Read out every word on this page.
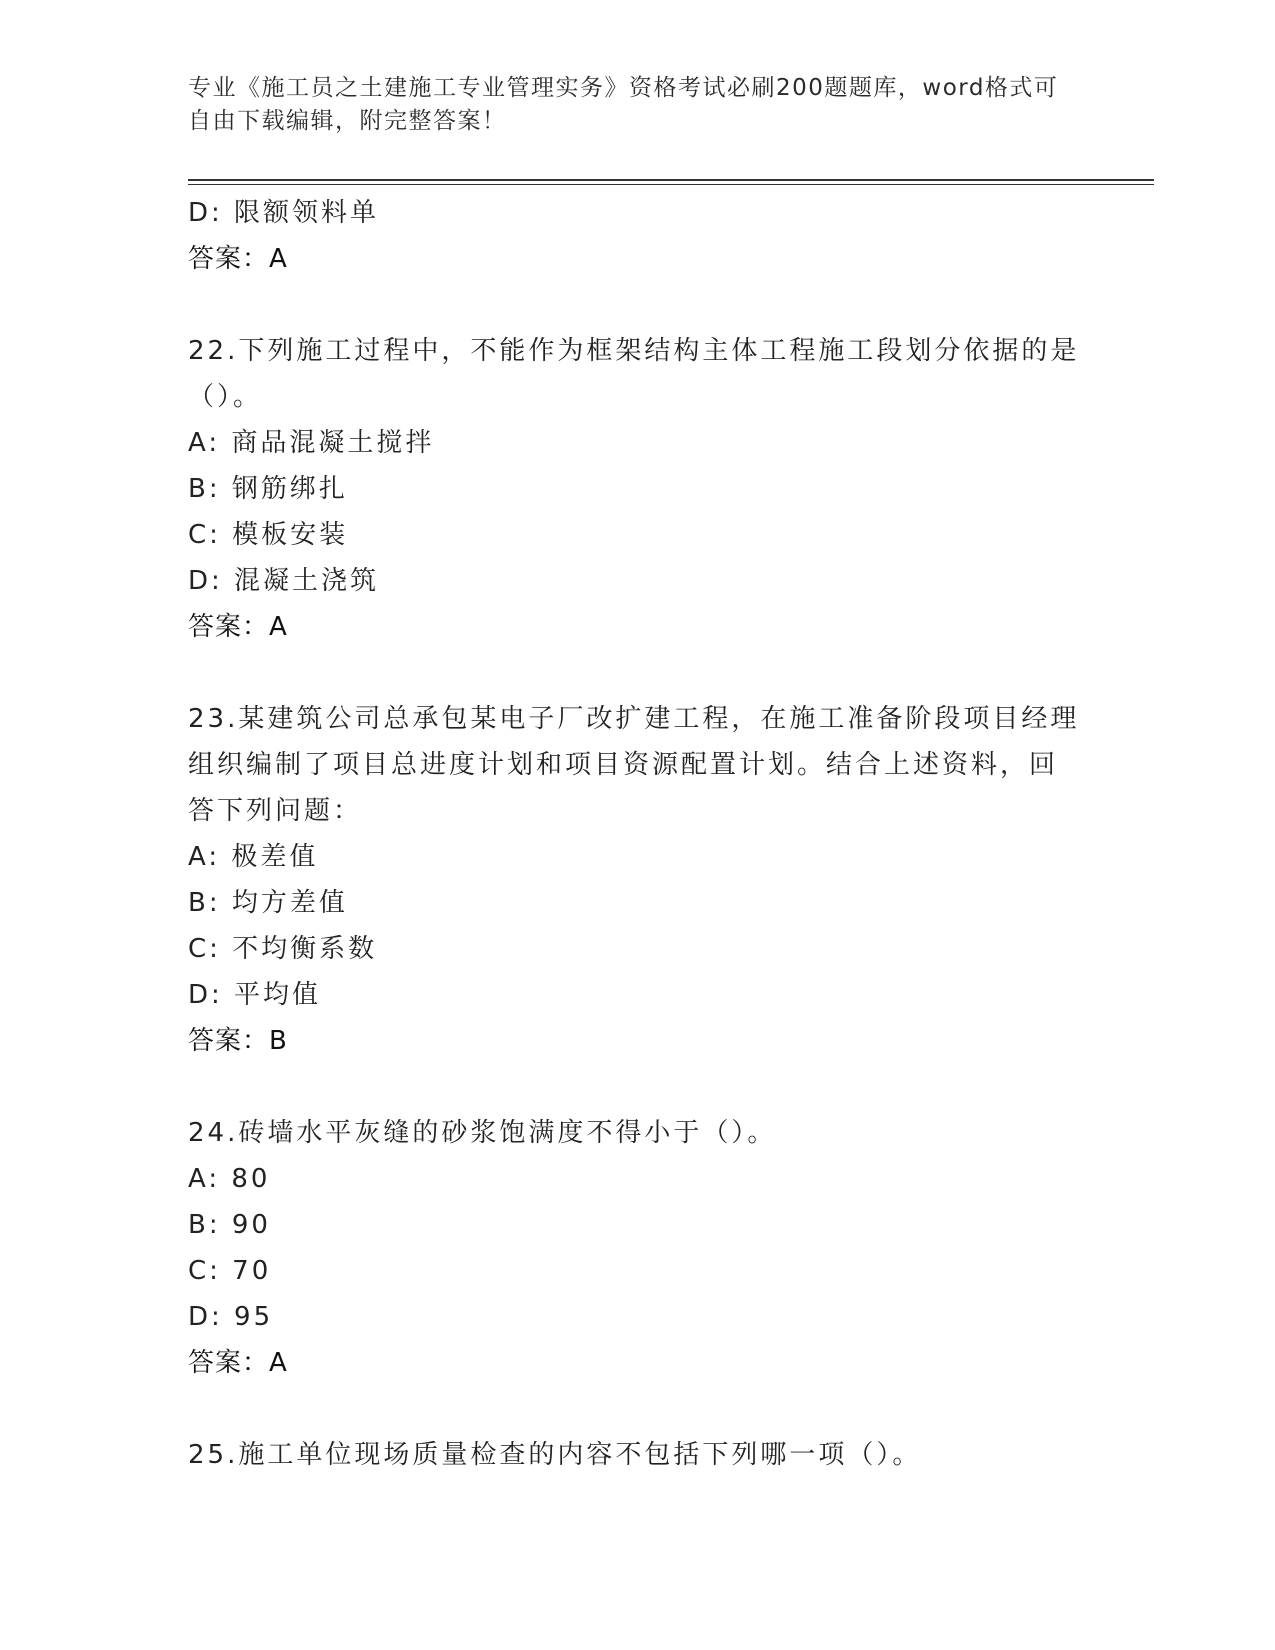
专业《施工员之土建施工专业管理实务》资格考试必刷200题题库，word格式可
自由下载编辑，附完整答案！
D: 限额领料单
答案：A
22.下列施工过程中，不能作为框架结构主体工程施工段划分依据的是
（）。
A: 商品混凝土搅拌
B: 钢筋绑扎
C: 模板安装
D: 混凝土浇筑
答案：A
23.某建筑公司总承包某电子厂改扩建工程，在施工准备阶段项目经理
组织编制了项目总进度计划和项目资源配置计划。结合上述资料，回
答下列问题：
A: 极差值
B: 均方差值
C: 不均衡系数
D: 平均值
答案：B
24.砖墙水平灰缝的砂浆饱满度不得小于（）。
A: 80
B: 90
C: 70
D: 95
答案：A
25.施工单位现场质量检查的内容不包括下列哪一项（）。
